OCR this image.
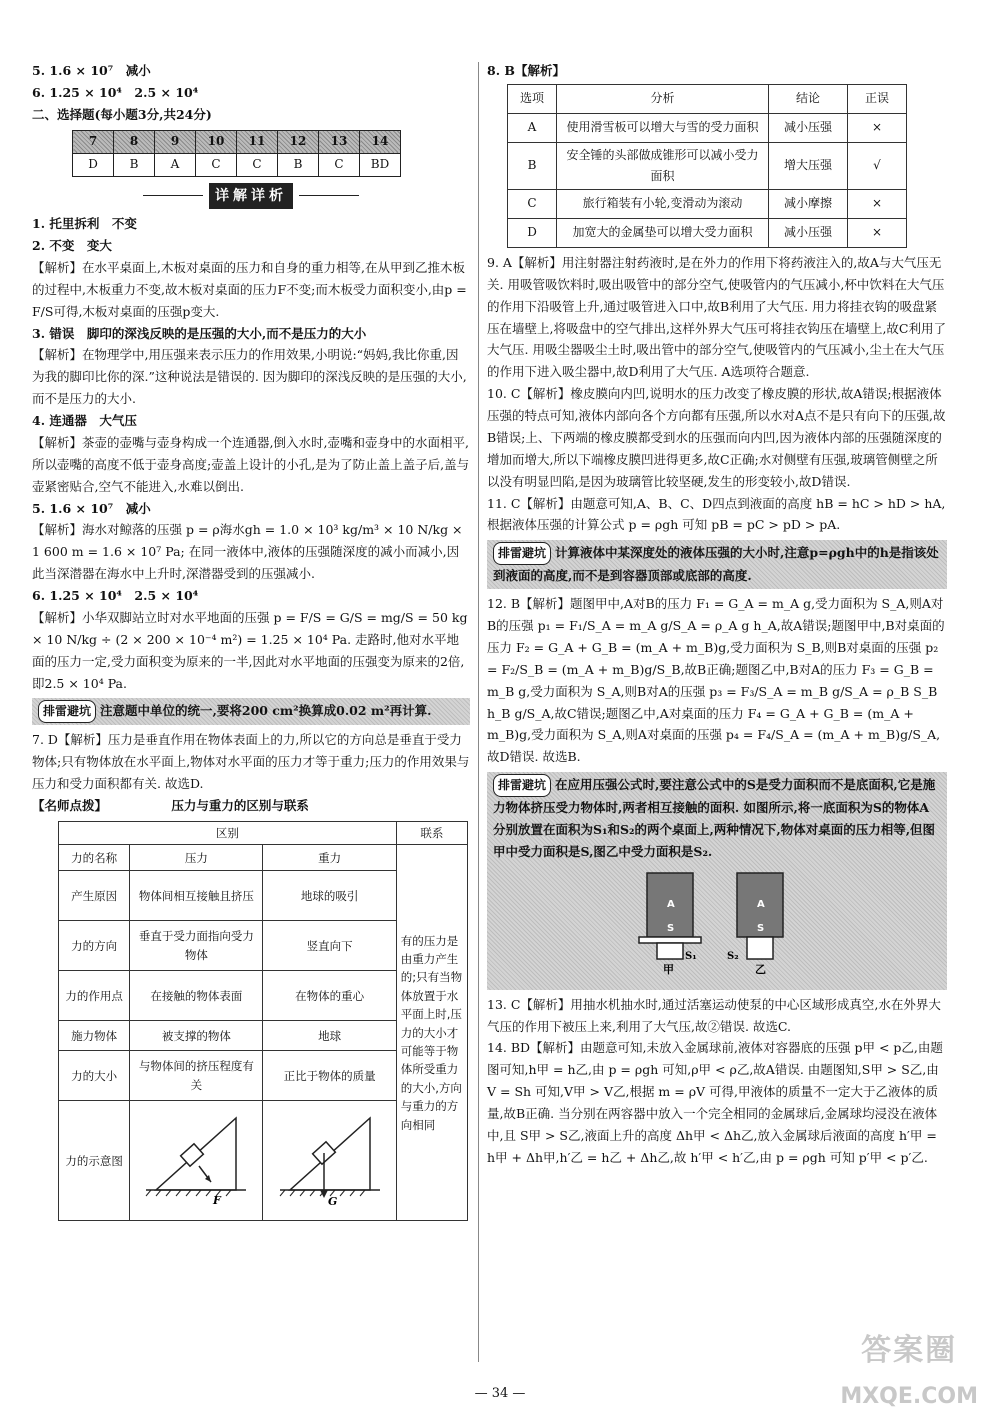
5. 1.6 × 10⁷　减小

6. 1.25 × 10⁴　2.5 × 10⁴

二、选择题(每小题3分,共24分)

7	8	9	10	11	12	13	14
D	B	A	C	C	B	C	BD
详解详析

1. 托里拆利　不变

2. 不变　变大

【解析】在水平桌面上,木板对桌面的压力和自身的重力相等,在从甲到乙推木板的过程中,木板重力不变,故木板对桌面的压力F不变;而木板受力面积变小,由p = F/S可得,木板对桌面的压强p变大.

3. 错误　脚印的深浅反映的是压强的大小,而不是压力的大小

【解析】在物理学中,用压强来表示压力的作用效果,小明说:“妈妈,我比你重,因为我的脚印比你的深.”这种说法是错误的. 因为脚印的深浅反映的是压强的大小,而不是压力的大小.

4. 连通器　大气压

【解析】茶壶的壶嘴与壶身构成一个连通器,倒入水时,壶嘴和壶身中的水面相平,所以壶嘴的高度不低于壶身高度;壶盖上设计的小孔,是为了防止盖上盖子后,盖与壶紧密贴合,空气不能进入,水难以倒出.

5. 1.6 × 10⁷　减小

【解析】海水对鲸落的压强 p = ρ海水gh = 1.0 × 10³ kg/m³ × 10 N/kg × 1 600 m = 1.6 × 10⁷ Pa; 在同一液体中,液体的压强随深度的减小而减小,因此当深潜器在海水中上升时,深潜器受到的压强减小.

6. 1.25 × 10⁴　2.5 × 10⁴

【解析】小华双脚站立时对水平地面的压强 p = F/S = G/S = mg/S = 50 kg × 10 N/kg ÷ (2 × 200 × 10⁻⁴ m²) = 1.25 × 10⁴ Pa. 走路时,他对水平地面的压力一定,受力面积变为原来的一半,因此对水平地面的压强变为原来的2倍,即2.5 × 10⁴ Pa.

排雷避坑 注意题中单位的统一,要将200 cm²换算成0.02 m²再计算.

7. D【解析】压力是垂直作用在物体表面上的力,所以它的方向总是垂直于受力物体;只有物体放在水平面上,物体对水平面的压力才等于重力;压力的作用效果与压力和受力面积都有关. 故选D.

【名师点拨】	压力与重力的区别与联系

区别			联系
力的名称	压力	重力	有的压力是由重力产生的;只有当物体放置于水平面上时,压力的大小才可能等于物体所受重力的大小,方向与重力的方向相同
产生原因	物体间相互接触且挤压	地球的吸引	
力的方向	垂直于受力面指向受力物体	竖直向下	
力的作用点	在接触的物体表面	在物体的重心	
施力物体	被支撑的物体	地球	
力的大小	与物体间的挤压程度有关	正比于物体的质量	
力的示意图	F	G	

8. B【解析】

选项	分析	结论	正误
A	使用滑雪板可以增大与雪的受力面积	减小压强	×
B	安全锤的头部做成锥形可以减小受力面积	增大压强	√
C	旅行箱装有小轮,变滑动为滚动	减小摩擦	×
D	加宽大的金属垫可以增大受力面积	减小压强	×

9. A【解析】用注射器注射药液时,是在外力的作用下将药液注入的,故A与大气压无关. 用吸管吸饮料时,吸出吸管中的部分空气,使吸管内的气压减小,杯中饮料在大气压的作用下沿吸管上升,通过吸管进入口中,故B利用了大气压. 用力将挂衣钩的吸盘紧压在墙壁上,将吸盘中的空气排出,这样外界大气压可将挂衣钩压在墙壁上,故C利用了大气压. 用吸尘器吸尘土时,吸出管中的部分空气,使吸管内的气压减小,尘土在大气压的作用下进入吸尘器中,故D利用了大气压. A选项符合题意.

10. C【解析】橡皮膜向内凹,说明水的压力改变了橡皮膜的形状,故A错误;根据液体压强的特点可知,液体内部向各个方向都有压强,所以水对A点不是只有向下的压强,故B错误;上、下两端的橡皮膜都受到水的压强而向内凹,因为液体内部的压强随深度的增加而增大,所以下端橡皮膜凹进得更多,故C正确;水对侧壁有压强,玻璃管侧壁之所以没有明显凹陷,是因为玻璃管比较坚硬,发生的形变较小,故D错误.

11. C【解析】由题意可知,A、B、C、D四点到液面的高度 hB = hC > hD > hA,根据液体压强的计算公式 p = ρgh 可知 pB = pC > pD > pA.

排雷避坑 计算液体中某深度处的液体压强的大小时,注意p=ρgh中的h是指该处到液面的高度,而不是到容器顶部或底部的高度.

12. B【解析】题图甲中,A对B的压力 F₁ = G_A = m_A g,受力面积为 S_A,则A对B的压强 p₁ = F₁/S_A = m_A g/S_A = ρ_A g h_A,故A错误;题图甲中,B对桌面的压力 F₂ = G_A + G_B = (m_A + m_B)g,受力面积为 S_B,则B对桌面的压强 p₂ = F₂/S_B = (m_A + m_B)g/S_B,故B正确;题图乙中,B对A的压力 F₃ = G_B = m_B g,受力面积为 S_A,则B对A的压强 p₃ = F₃/S_A = m_B g/S_A = ρ_B S_B h_B g/S_A,故C错误;题图乙中,A对桌面的压力 F₄ = G_A + G_B = (m_A + m_B)g,受力面积为 S_A,则A对桌面的压强 p₄ = F₄/S_A = (m_A + m_B)g/S_A,故D错误. 故选B.

排雷避坑 在应用压强公式时,要注意公式中的S是受力面积而不是底面积,它是施力物体挤压受力物体时,两者相互接触的面积. 如图所示,将一底面积为S的物体A分别放置在面积为S₁和S₂的两个桌面上,两种情况下,物体对桌面的压力相等,但图甲中受力面积是S,图乙中受力面积是S₂.
A
S
S₁
甲
A
S
S₂
乙

13. C【解析】用抽水机抽水时,通过活塞运动使泵的中心区域形成真空,水在外界大气压的作用下被压上来,利用了大气压,故②错误. 故选C.

14. BD【解析】由题意可知,未放入金属球前,液体对容器底的压强 p甲 < p乙,由题图可知,h甲 = h乙,由 p = ρgh 可知,ρ甲 < ρ乙,故A错误. 由题图知,S甲 > S乙,由 V = Sh 可知,V甲 > V乙,根据 m = ρV 可得,甲液体的质量不一定大于乙液体的质量,故B正确. 当分别在两容器中放入一个完全相同的金属球后,金属球均浸没在液体中,且 S甲 > S乙,液面上升的高度 Δh甲 < Δh乙,放入金属球后液面的高度 h′甲 = h甲 + Δh甲,h′乙 = h乙 + Δh乙,故 h′甲 < h′乙,由 p = ρgh 可知 p′甲 < p′乙.

— 34 —
答案圈
MXQE.COM
